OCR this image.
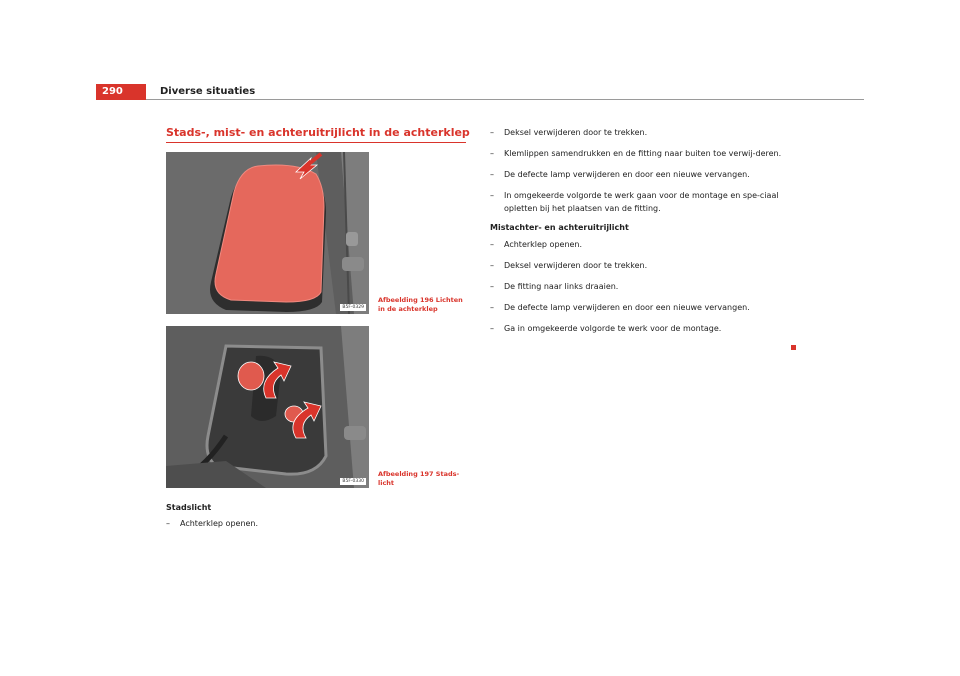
290	Diverse situaties
Stads-, mist- en achteruitrijlicht in de achterklep
B5F-0329
Afbeelding 196 Lichten in de achterklep
B5F-0330
Afbeelding 197 Stads-licht
Stadslicht
– Achterklep openen.
– Deksel verwijderen door te trekken.
– Klemlippen samendrukken en de fitting naar buiten toe verwij-deren.
– De defecte lamp verwijderen en door een nieuwe vervangen.
– In omgekeerde volgorde te werk gaan voor de montage en spe-ciaal opletten bij het plaatsen van de fitting.
Mistachter- en achteruitrijlicht
– Achterklep openen.
– Deksel verwijderen door te trekken.
– De fitting naar links draaien.
– De defecte lamp verwijderen en door een nieuwe vervangen.
– Ga in omgekeerde volgorde te werk voor de montage.
